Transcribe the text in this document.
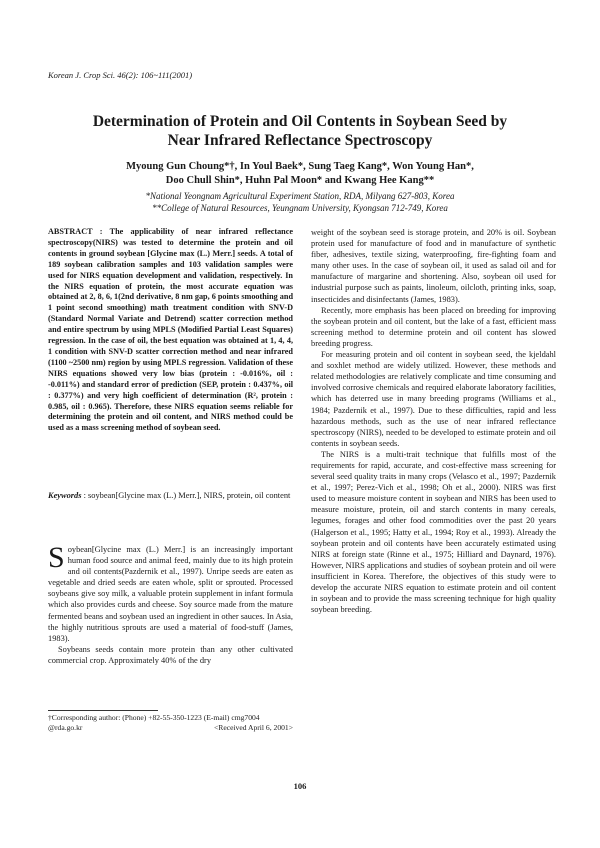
Korean J. Crop Sci. 46(2): 106~111(2001)
Determination of Protein and Oil Contents in Soybean Seed by
Near Infrared Reflectance Spectroscopy
Myoung Gun Choung*†, In Youl Baek*, Sung Taeg Kang*, Won Young Han*,
Doo Chull Shin*, Huhn Pal Moon* and Kwang Hee Kang**
*National Yeongnam Agricultural Experiment Station, RDA, Milyang 627-803, Korea
**College of Natural Resources, Yeungnam University, Kyongsan 712-749, Korea
ABSTRACT : The applicability of near infrared reflectance spectroscopy(NIRS) was tested to determine the protein and oil contents in ground soybean [Glycine max (L.) Merr.] seeds. A total of 189 soybean calibration samples and 103 validation samples were used for NIRS equation development and validation, respectively. In the NIRS equation of protein, the most accurate equation was obtained at 2, 8, 6, 1(2nd derivative, 8 nm gap, 6 points smoothing and 1 point second smoothing) math treatment condition with SNV-D (Standard Normal Variate and Detrend) scatter correction method and entire spectrum by using MPLS (Modified Partial Least Squares) regression. In the case of oil, the best equation was obtained at 1, 4, 4, 1 condition with SNV-D scatter correction method and near infrared (1100 ~2500 nm) region by using MPLS regression. Validation of these NIRS equations showed very low bias (protein : -0.016%, oil : -0.011%) and standard error of prediction (SEP, protein : 0.437%, oil : 0.377%) and very high coefficient of determination (R², protein : 0.985, oil : 0.965). Therefore, these NIRS equation seems reliable for determining the protein and oil content, and NIRS method could be used as a mass screening method of soybean seed.
Keywords : soybean[Glycine max (L.) Merr.], NIRS, protein, oil content

Soybean[Glycine max (L.) Merr.] is an increasingly important human food source and animal feed, mainly due to its high protein and oil contents(Pazdernik et al., 1997). Unripe seeds are eaten as vegetable and dried seeds are eaten whole, split or sprouted. Processed soybeans give soy milk, a valuable protein supplement in infant formula which also provides curds and cheese. Soy source made from the mature fermented beans and soybean used an ingredient in other sauces. In Asia, the highly nutritious sprouts are used a material of food-stuff (James, 1983).

Soybeans seeds contain more protein than any other cultivated commercial crop. Approximately 40% of the dry

†Corresponding author: (Phone) +82-55-350-1223 (E-mail) cmg7004
@rda.go.kr	<Received April 6, 2001>

weight of the soybean seed is storage protein, and 20% is oil. Soybean protein used for manufacture of food and in manufacture of synthetic fiber, adhesives, textile sizing, waterproofing, fire-fighting foam and many other uses. In the case of soybean oil, it used as salad oil and for manufacture of margarine and shortening. Also, soybean oil used for industrial purpose such as paints, linoleum, oilcloth, printing inks, soap, insecticides and disinfectants (James, 1983).

Recently, more emphasis has been placed on breeding for improving the soybean protein and oil content, but the lake of a fast, efficient mass screening method to determine protein and oil content has slowed breeding progress.

For measuring protein and oil content in soybean seed, the kjeldahl and soxhlet method are widely utilized. However, these methods and related methodologies are relatively complicate and time consuming and involved corrosive chemicals and required elaborate laboratory facilities, which has deterred use in many breeding programs (Williams et al., 1984; Pazdernik et al., 1997). Due to these difficulties, rapid and less hazardous methods, such as the use of near infrared reflectance spectroscopy (NIRS), needed to be developed to estimate protein and oil contents in soybean seeds.

The NIRS is a multi-trait technique that fulfills most of the requirements for rapid, accurate, and cost-effective mass screening for several seed quality traits in many crops (Velasco et al., 1997; Pazdernik et al., 1997; Perez-Vich et al., 1998; Oh et al., 2000). NIRS was first used to measure moisture content in soybean and NIRS has been used to measure moisture, protein, oil and starch contents in many cereals, legumes, forages and other food commodities over the past 20 years (Halgerson et al., 1995; Hatty et al., 1994; Roy et al., 1993). Already the soybean protein and oil contents have been accurately estimated using NIRS at foreign state (Rinne et al., 1975; Hilliard and Daynard, 1976). However, NIRS applications and studies of soybean protein and oil were insufficient in Korea. Therefore, the objectives of this study were to develop the accurate NIRS equation to estimate protein and oil content in soybean and to provide the mass screening technique for high quality soybean breeding.

106
